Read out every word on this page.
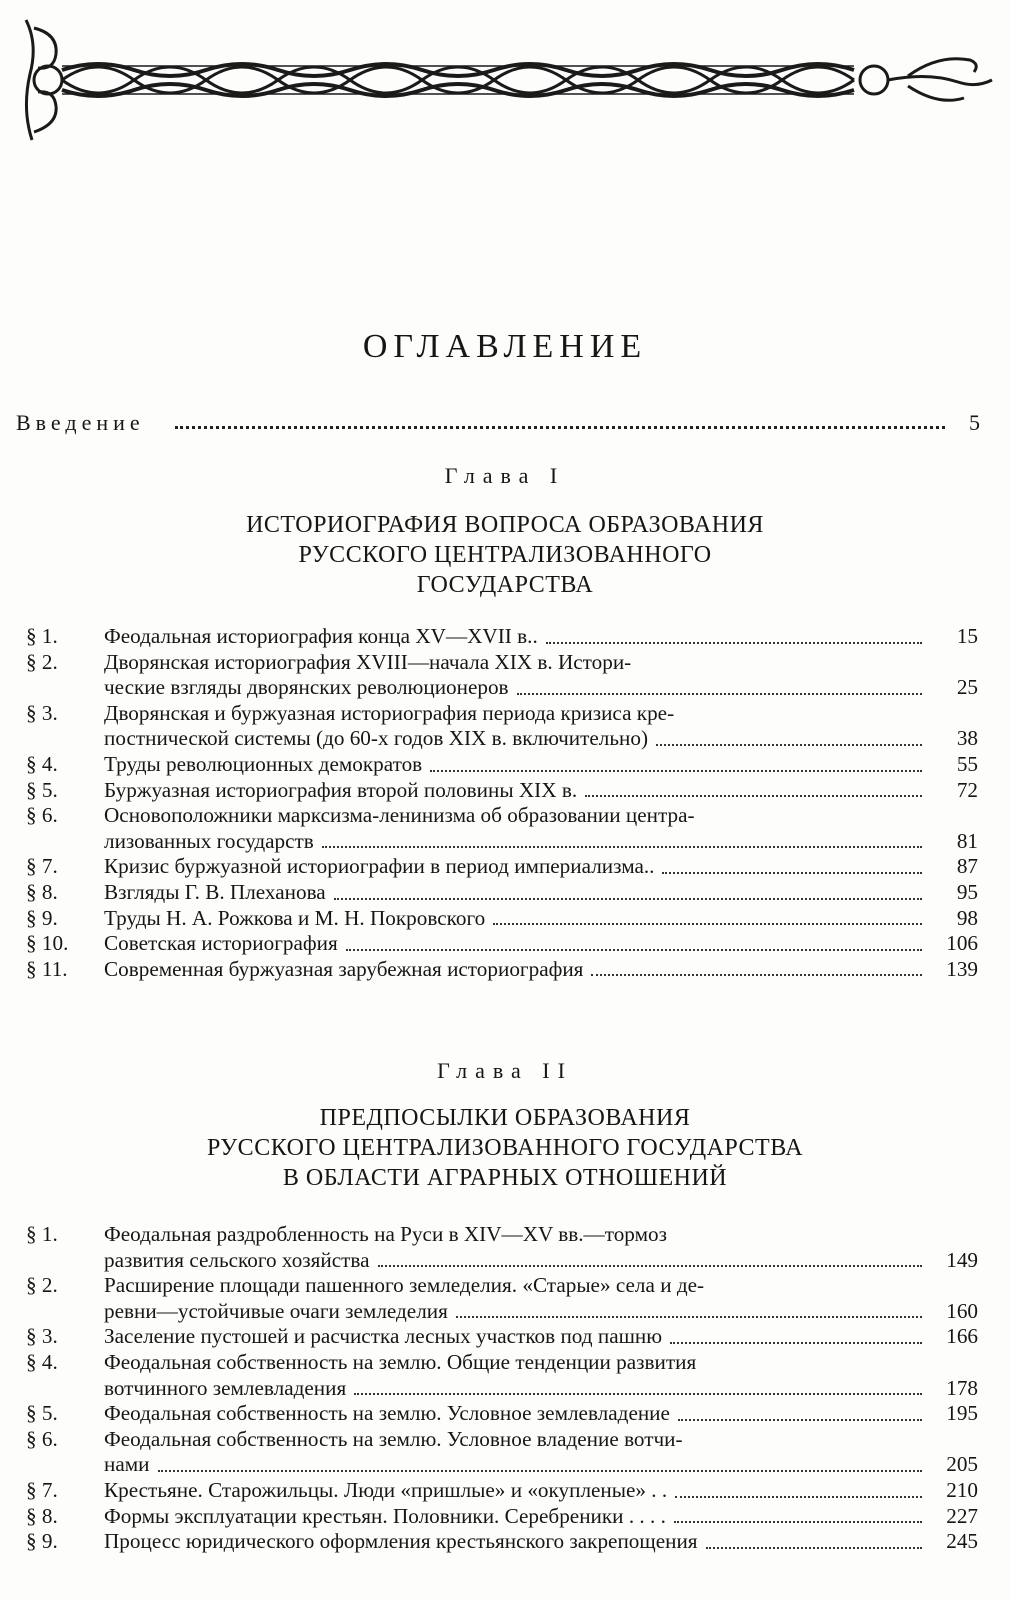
ОГЛАВЛЕНИЕ
Введение	5
Глава I
ИСТОРИОГРАФИЯ ВОПРОСА ОБРАЗОВАНИЯ
РУССКОГО ЦЕНТРАЛИЗОВАННОГО
ГОСУДАРСТВА
§ 1.	Феодальная историография конца XV—XVII в..	15
§ 2.	Дворянская историография XVIII—начала XIX в. Истори-
ческие взгляды дворянских революционеров	25
§ 3.	Дворянская и буржуазная историография периода кризиса кре-
постнической системы (до 60-х годов XIX в. включительно)	38
§ 4.	Труды революционных демократов	55
§ 5.	Буржуазная историография второй половины XIX в.	72
§ 6.	Основоположники марксизма-ленинизма об образовании центра-
лизованных государств	81
§ 7.	Кризис буржуазной историографии в период империализма..	87
§ 8.	Взгляды Г. В. Плеханова	95
§ 9.	Труды Н. А. Рожкова и М. Н. Покровского	98
§ 10.	Советская историография	106
§ 11.	Современная буржуазная зарубежная историография	139
Глава II
ПРЕДПОСЫЛКИ ОБРАЗОВАНИЯ
РУССКОГО ЦЕНТРАЛИЗОВАННОГО ГОСУДАРСТВА
В ОБЛАСТИ АГРАРНЫХ ОТНОШЕНИЙ
§ 1.	Феодальная раздробленность на Руси в XIV—XV вв.—тормоз
развития сельского хозяйства	149
§ 2.	Расширение площади пашенного земледелия. «Старые» села и де-
ревни—устойчивые очаги земледелия	160
§ 3.	Заселение пустошей и расчистка лесных участков под пашню	166
§ 4.	Феодальная собственность на землю. Общие тенденции развития
вотчинного землевладения	178
§ 5.	Феодальная собственность на землю. Условное землевладение	195
§ 6.	Феодальная собственность на землю. Условное владение вотчи-
нами	205
§ 7.	Крестьяне. Старожильцы. Люди «пришлые» и «окупленые» . .	210
§ 8.	Формы эксплуатации крестьян. Половники. Серебреники . . . .	227
§ 9.	Процесс юридического оформления крестьянского закрепощения	245
